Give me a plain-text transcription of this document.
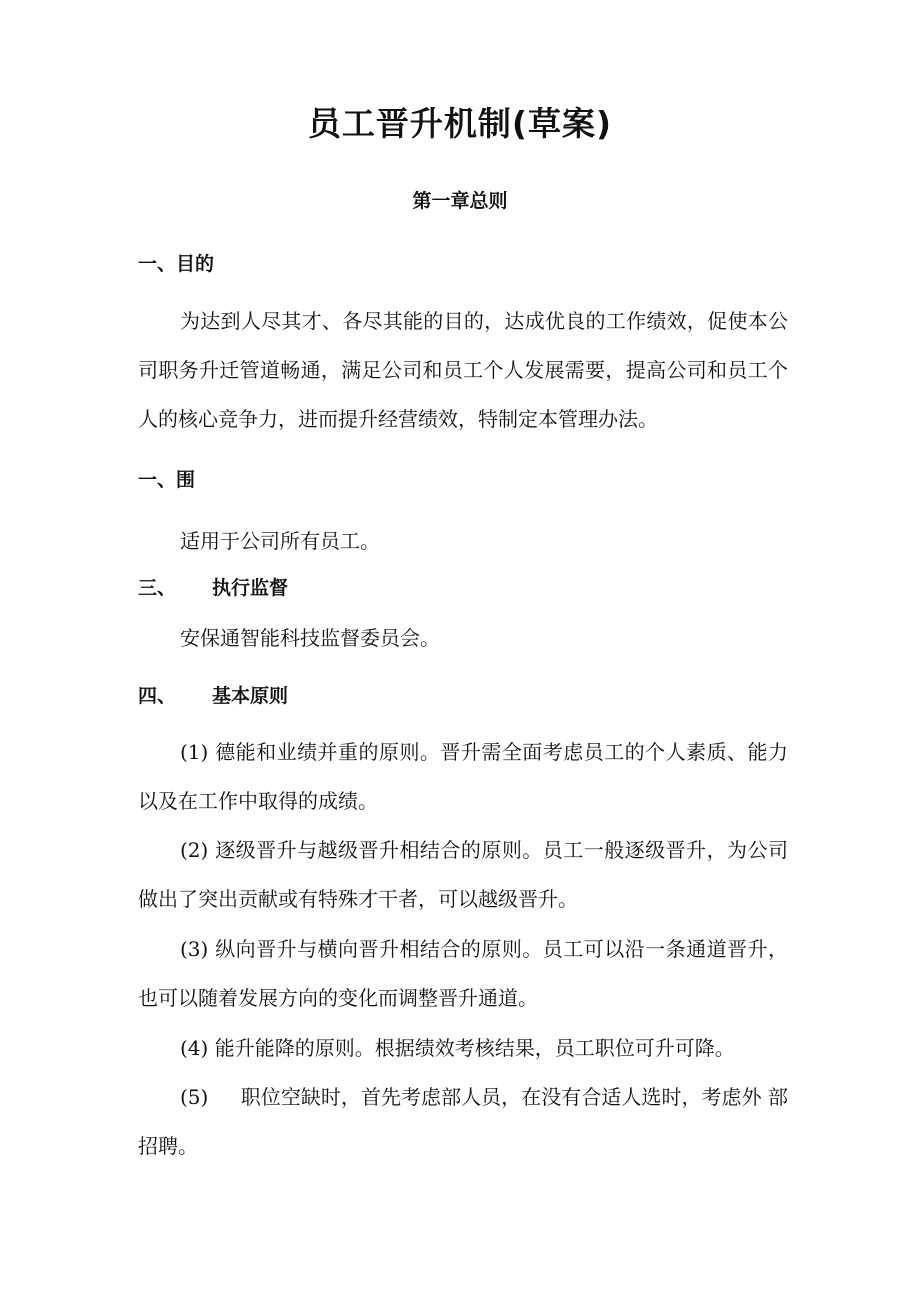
员工晋升机制(草案)
第一章总则
一、目的

为达到人尽其才、各尽其能的目的，达成优良的工作绩效，促使本公司职务升迁管道畅通，满足公司和员工个人发展需要，提高公司和员工个人的核心竞争力，进而提升经营绩效，特制定本管理办法。

一、围

适用于公司所有员工。

三、 执行监督

安保通智能科技监督委员会。

四、 基本原则

(1) 德能和业绩并重的原则。晋升需全面考虑员工的个人素质、能力以及在工作中取得的成绩。

(2) 逐级晋升与越级晋升相结合的原则。员工一般逐级晋升，为公司做出了突出贡献或有特殊才干者，可以越级晋升。

(3) 纵向晋升与横向晋升相结合的原则。员工可以沿一条通道晋升，也可以随着发展方向的变化而调整晋升通道。

(4) 能升能降的原则。根据绩效考核结果，员工职位可升可降。

(5) 职位空缺时，首先考虑部人员，在没有合适人选时，考虑外 部招聘。
